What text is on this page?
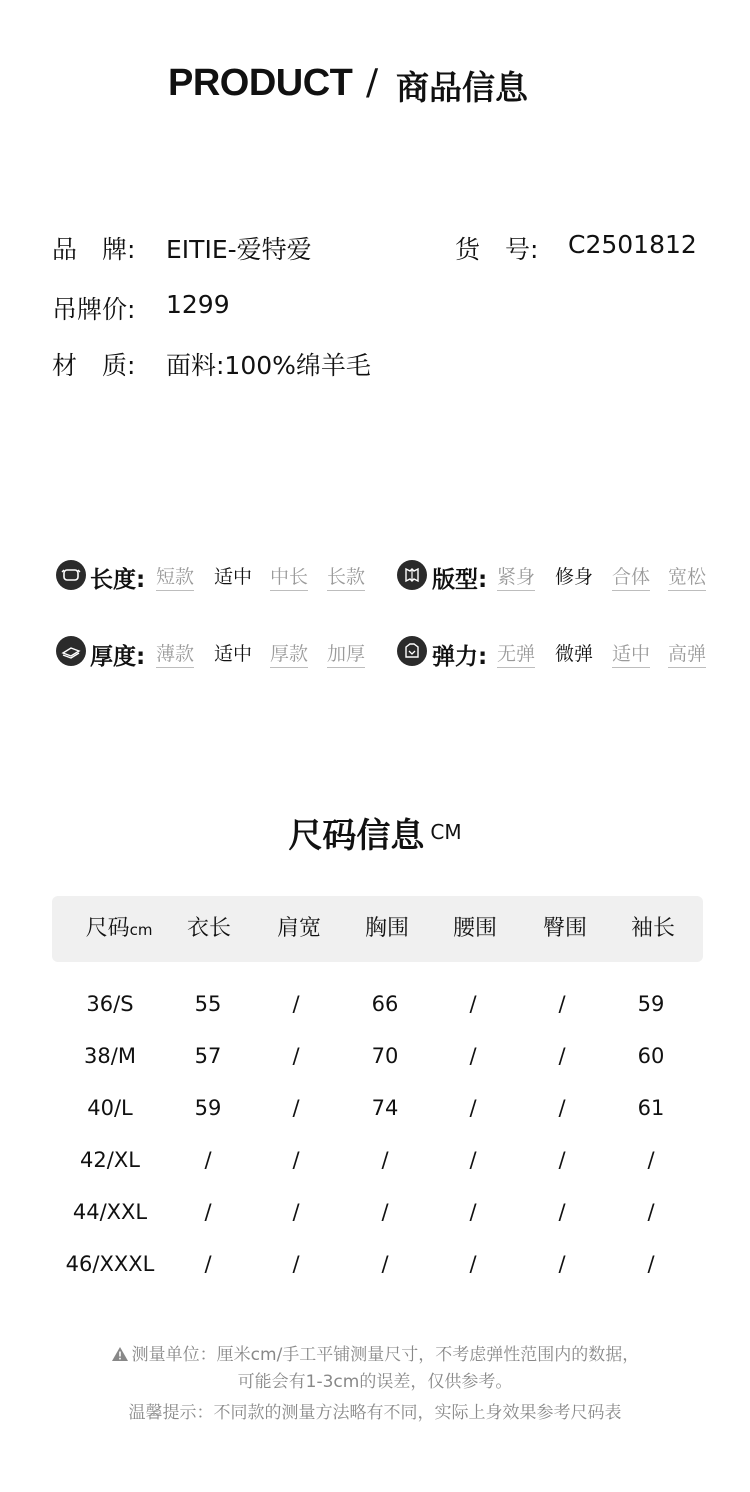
PRODUCT / 商品信息
品　牌: EITIE-爱特爱	货　号: C2501812
吊牌价: 1299
材　质: 面料:100%绵羊毛
长度: 短款 适中 中长 长款	版型: 紧身 修身 合体 宽松
厚度: 薄款 适中 厚款 加厚	弹力: 无弹 微弹 适中 高弹
尺码信息 $^{CM}$
尺码cm	衣长	肩宽	胸围	腰围	臀围	袖长
36/S	55	/	66	/	/	59
38/M	57	/	70	/	/	60
40/L	59	/	74	/	/	61
42/XL	/	/	/	/	/	/
44/XXL	/	/	/	/	/	/
46/XXXL	/	/	/	/	/	/
测量单位：厘米cm/手工平铺测量尺寸，不考虑弹性范围内的数据，
可能会有1-3cm的误差，仅供参考。
温馨提示：不同款的测量方法略有不同，实际上身效果参考尺码表
